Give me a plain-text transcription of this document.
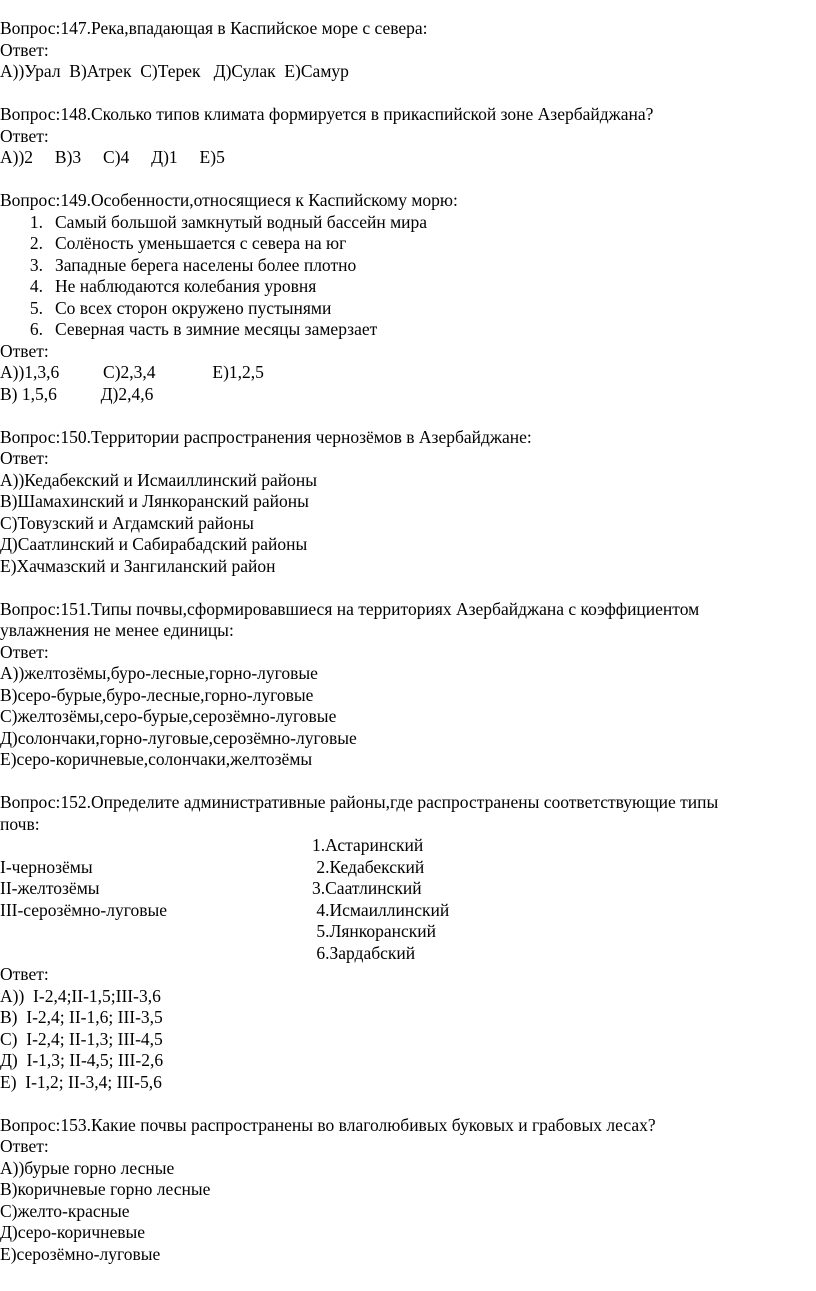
Вопрос:147.Река,впадающая в Каспийское море с севера:
Ответ:
А))Урал  В)Атрек  С)Терек   Д)Сулак  Е)Самур
Вопрос:148.Сколько типов климата формируется в прикаспийской зоне Азербайджана?
Ответ:
А))2     В)3     С)4     Д)1     Е)5
Вопрос:149.Особенности,относящиеся к Каспийскому морю:
1. Самый большой замкнутый водный бассейн мира
2. Солёность уменьшается с севера на юг
3. Западные берега населены более плотно
4. Не наблюдаются колебания уровня
5. Со всех сторон окружено пустынями
6. Северная часть в зимние месяцы замерзает
Ответ:
А))1,3,6          С)2,3,4             Е)1,2,5
В) 1,5,6          Д)2,4,6
Вопрос:150.Территории распространения чернозёмов в Азербайджане:
Ответ:
А))Кедабекский и Исмаиллинский районы
В)Шамахинский и Лянкоранский районы
С)Товузский и Агдамский районы
Д)Саатлинский и Сабирабадский районы
Е)Хачмазский и Зангиланский район
Вопрос:151.Типы почвы,сформировавшиеся на территориях Азербайджана с коэффициентом
увлажнения не менее единицы:
Ответ:
А))желтозёмы,буро-лесные,горно-луговые
В)серо-бурые,буро-лесные,горно-луговые
С)желтозёмы,серо-бурые,серозёмно-луговые
Д)солончаки,горно-луговые,серозёмно-луговые
Е)серо-коричневые,солончаки,желтозёмы
Вопрос:152.Определите административные районы,где распространены соответствующие типы
почв:
1.Астаринский
I-чернозёмы	2.Кедабекский
II-желтозёмы	3.Саатлинский
III-серозёмно-луговые	4.Исмаиллинский
5.Лянкоранский
6.Зардабский
Ответ:
А))  I-2,4;II-1,5;III-3,6
В)  I-2,4; II-1,6; III-3,5
С)  I-2,4; II-1,3; III-4,5
Д)  I-1,3; II-4,5; III-2,6
Е)  I-1,2; II-3,4; III-5,6
Вопрос:153.Какие почвы распространены во влаголюбивых буковых и грабовых лесах?
Ответ:
А))бурые горно лесные
В)коричневые горно лесные
С)желто-красные
Д)серо-коричневые
Е)серозёмно-луговые
